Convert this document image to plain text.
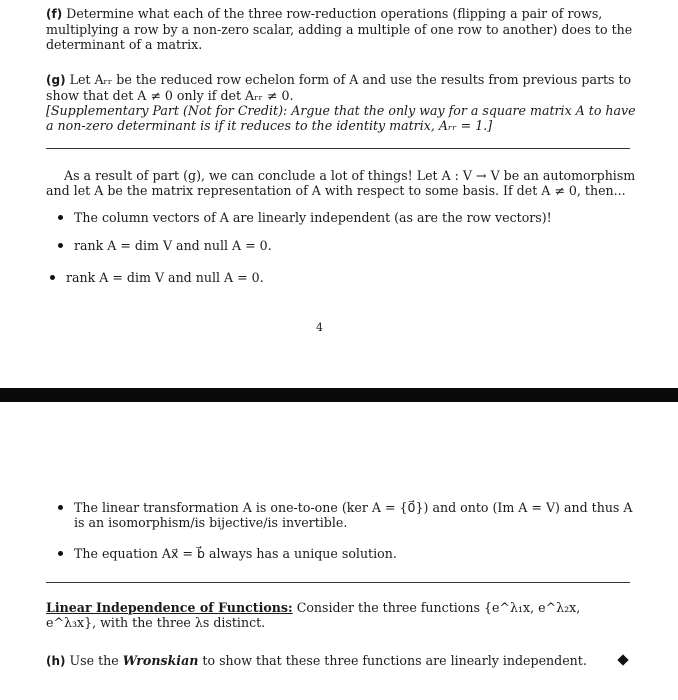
(f) Determine what each of the three row-reduction operations (flipping a pair of rows, multiplying a row by a non-zero scalar, adding a multiple of one row to another) does to the determinant of a matrix.
(g) Let Aᵣᵣ be the reduced row echelon form of A and use the results from previous parts to show that det A ≠ 0 only if det Aᵣᵣ ≠ 0.
[Supplementary Part (Not for Credit): Argue that the only way for a square matrix A to have a non-zero determinant is if it reduces to the identity matrix, Aᵣᵣ = 1.]
As a result of part (g), we can conclude a lot of things! Let A : V → V be an automorphism and let A be the matrix representation of A with respect to some basis. If det A ≠ 0, then...
The column vectors of A are linearly independent (as are the row vectors)!
rank A = dim V and null A = 0.
rank A = dim V and null A = 0.
4
The linear transformation A is one-to-one (ker A = {0⃗}) and onto (Im A = V) and thus A is an isomorphism/is bijective/is invertible.
The equation Ax⃗ = b⃗ always has a unique solution.
Linear Independence of Functions: Consider the three functions {e^λ₁x, e^λ₂x, e^λ₃x}, with the three λs distinct.
(h) Use the Wronskian to show that these three functions are linearly independent.
